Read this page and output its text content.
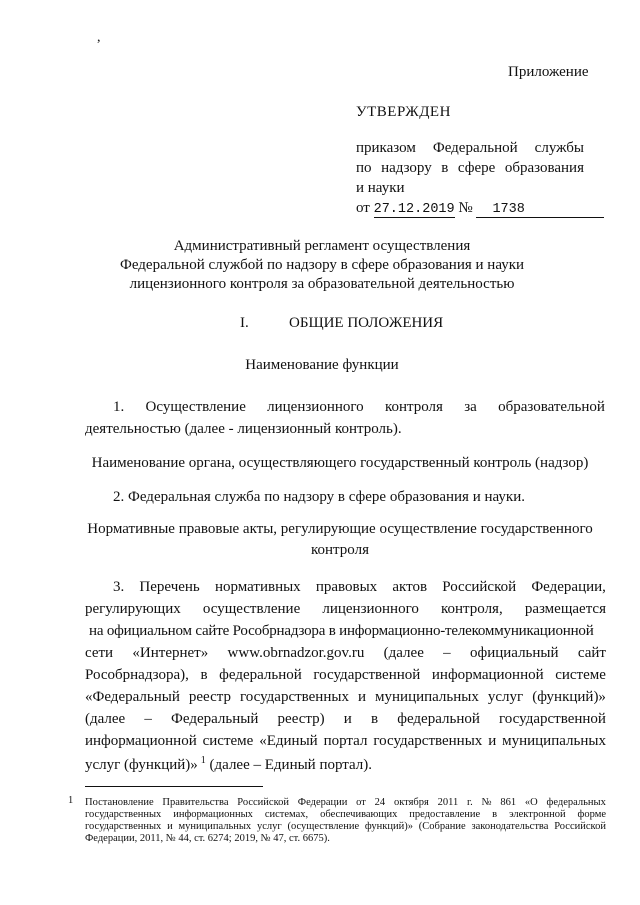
,
Приложение
УТВЕРЖДЕН
приказом Федеральной службы
по надзору в сфере образования
и науки
от 27.12.2019 № 1738
Административный регламент осуществления
Федеральной службой по надзору в сфере образования и науки
лицензионного контроля за образовательной деятельностью
I.	ОБЩИЕ ПОЛОЖЕНИЯ
Наименование функции
1. Осуществление лицензионного контроля за образовательной
деятельностью (далее - лицензионный контроль).
Наименование органа, осуществляющего государственный контроль (надзор)
2. Федеральная служба по надзору в сфере образования и науки.
Нормативные правовые акты, регулирующие осуществление государственного
контроля
3. Перечень нормативных правовых актов Российской Федерации,
регулирующих осуществление лицензионного контроля, размещается
на официальном сайте Рособрнадзора в информационно-телекоммуникационной
сети «Интернет» www.obrnadzor.gov.ru (далее – официальный сайт
Рособрнадзора), в федеральной государственной информационной системе
«Федеральный реестр государственных и муниципальных услуг (функций)»
(далее – Федеральный реестр) и в федеральной государственной
информационной системе «Единый портал государственных и муниципальных
услуг (функций)» $^1$ (далее – Единый портал).
1 Постановление Правительства Российской Федерации от 24 октября 2011 г. № 861 «О федеральных
государственных информационных системах, обеспечивающих предоставление в электронной форме
государственных и муниципальных услуг (осуществление функций)» (Собрание законодательства Российской
Федерации, 2011, № 44, ст. 6274; 2019, № 47, ст. 6675).
